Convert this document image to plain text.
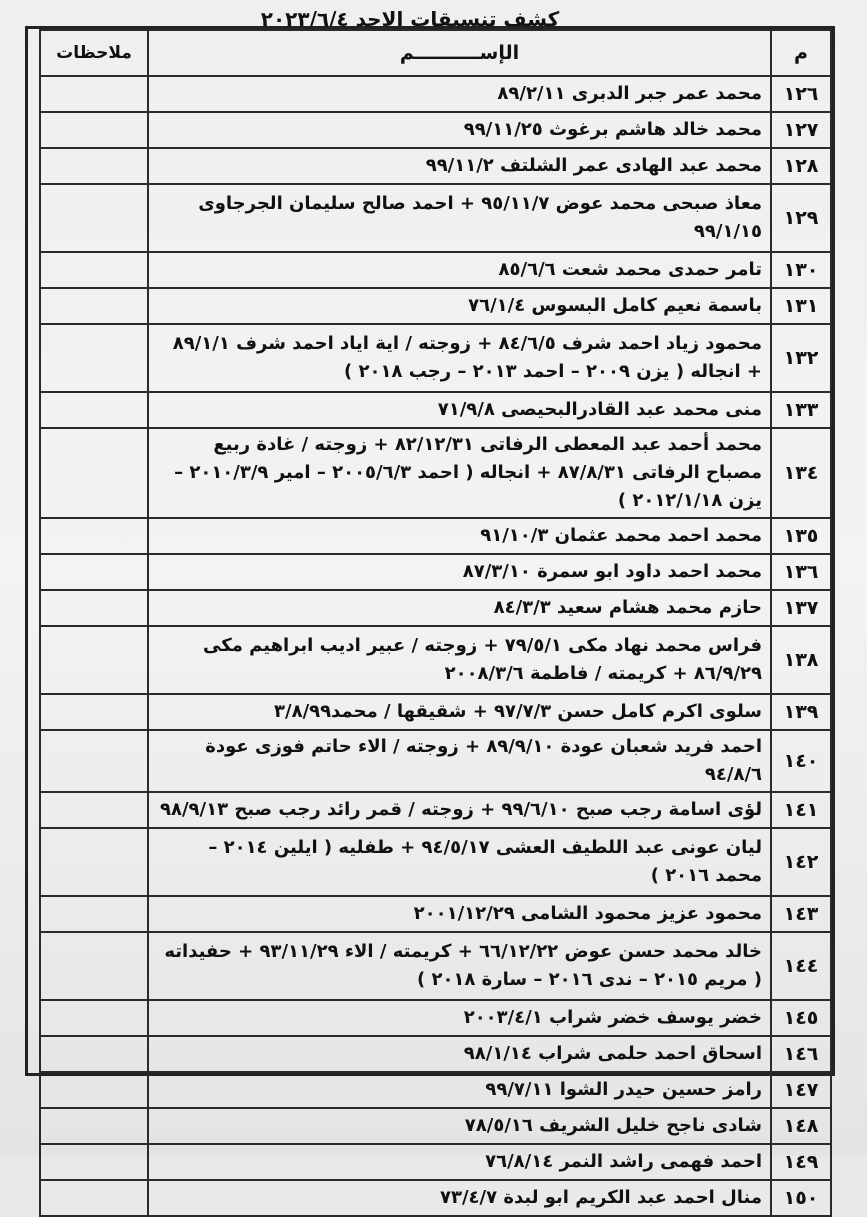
كشف تنسيقات الاحد ٢٠٢٣/٦/٤
م	الإســــــــــم	ملاحظات
١٢٦	محمد عمر جبر الدبرى ٨٩/٢/١١	
١٢٧	محمد خالد هاشم برغوث ٩٩/١١/٢٥	
١٢٨	محمد عبد الهادى عمر الشلتف ٩٩/١١/٢	
١٢٩	معاذ صبحى محمد عوض ٩٥/١١/٧ + احمد صالح سليمان الجرجاوى ٩٩/١/١٥	
١٣٠	تامر حمدى محمد شعت ٨٥/٦/٦	
١٣١	باسمة نعيم كامل البسوس ٧٦/١/٤	
١٣٢	محمود زياد احمد شرف ٨٤/٦/٥ + زوجته / اية اياد احمد شرف ٨٩/١/١ + انجاله ( يزن ٢٠٠٩ – احمد ٢٠١٣ – رجب ٢٠١٨ )	
١٣٣	منى محمد عبد القادرالبحيصى ٧١/٩/٨	
١٣٤	محمد أحمد عبد المعطى الرفاتى ٨٢/١٢/٣١ + زوجته / غادة ربيع مصباح الرفاتى ٨٧/٨/٣١ + انجاله ( احمد ٢٠٠٥/٦/٣ – امير ٢٠١٠/٣/٩ – يزن ٢٠١٢/١/١٨ )	
١٣٥	محمد احمد محمد عثمان ٩١/١٠/٣	
١٣٦	محمد احمد داود ابو سمرة ٨٧/٣/١٠	
١٣٧	حازم محمد هشام سعيد ٨٤/٣/٣	
١٣٨	فراس محمد نهاد مكى ٧٩/٥/١ + زوجته / عبير اديب ابراهيم مكى ٨٦/٩/٢٩ + كريمته / فاطمة ٢٠٠٨/٣/٦	
١٣٩	سلوى اكرم كامل حسن ٩٧/٧/٣ + شقيقها / محمد٣/٨/٩٩	
١٤٠	احمد فريد شعبان عودة ٨٩/٩/١٠ + زوجته / الاء حاتم فوزى عودة ٩٤/٨/٦	
١٤١	لؤى اسامة رجب صبح ٩٩/٦/١٠ + زوجته / قمر رائد رجب صبح ٩٨/٩/١٣	
١٤٢	ليان عونى عبد اللطيف العشى ٩٤/٥/١٧ + طفليه ( ايلين ٢٠١٤ – محمد ٢٠١٦ )	
١٤٣	محمود عزيز محمود الشامى ٢٠٠١/١٢/٢٩	
١٤٤	خالد محمد حسن عوض ٦٦/١٢/٢٢ + كريمته / الاء ٩٣/١١/٢٩ + حفيداته ( مريم ٢٠١٥ – ندى ٢٠١٦ – سارة ٢٠١٨ )	
١٤٥	خضر يوسف خضر شراب ٢٠٠٣/٤/١	
١٤٦	اسحاق احمد حلمى شراب ٩٨/١/١٤	
١٤٧	رامز حسين حيدر الشوا ٩٩/٧/١١	
١٤٨	شادى ناجح خليل الشريف ٧٨/٥/١٦	
١٤٩	احمد فهمى راشد النمر ٧٦/٨/١٤	
١٥٠	منال احمد عبد الكريم ابو لبدة ٧٣/٤/٧	
